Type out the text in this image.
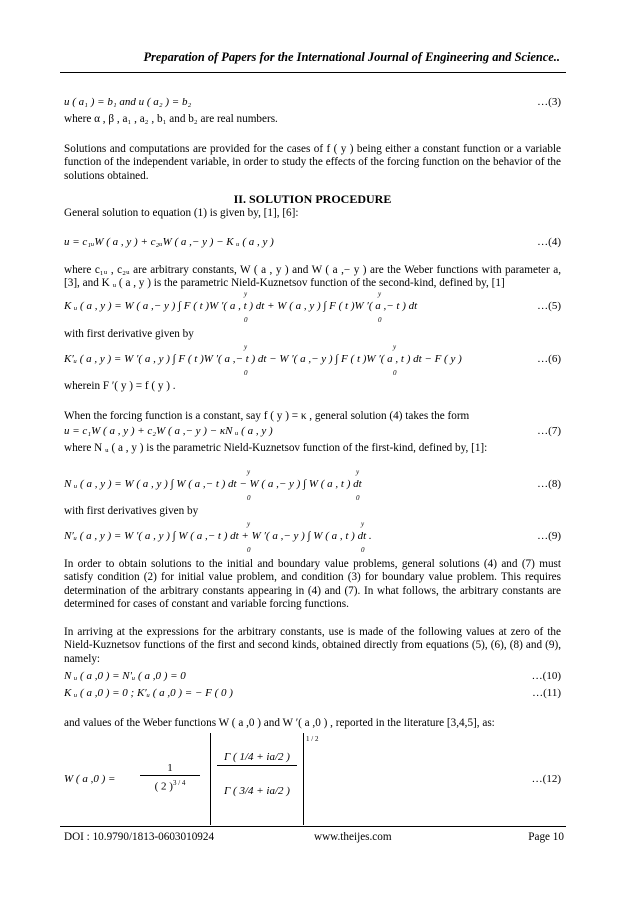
Preparation of Papers for the International Journal of Engineering and Science..
u ( a₁ ) = b₁ and u ( a₂ ) = b₂	…(3)

where α , β , a₁ , a₂ , b₁ and b₂ are real numbers.

Solutions and computations are provided for the cases of f ( y ) being either a constant function or a variable function of the independent variable, in order to study the effects of the forcing function on the behavior of the solutions obtained.

II. SOLUTION PROCEDURE

General solution to equation (1) is given by, [1], [6]:

u = c₁ᵤW ( a , y ) + c₂ᵤW ( a ,− y ) − K ᵤ ( a , y )	…(4)

where c₁ᵤ , c₂ᵤ are arbitrary constants, W ( a , y ) and W ( a ,− y ) are the Weber functions with parameter a, [3], and K ᵤ ( a , y ) is the parametric Nield-Kuznetsov function of the second-kind, defined by, [1]

y
0
y
0
K ᵤ ( a , y ) = W ( a ,− y ) ∫ F ( t )W ′( a , t ) dt + W ( a , y ) ∫ F ( t )W ′( a ,− t ) dt	…(5)

with first derivative given by

y
0
y
0
K′ᵤ ( a , y ) = W ′( a , y ) ∫ F ( t )W ′( a ,− t ) dt − W ′( a ,− y ) ∫ F ( t )W ′( a , t ) dt − F ( y )	…(6)

wherein F ′( y ) = f ( y ) .

When the forcing function is a constant, say f ( y ) = κ , general solution (4) takes the form

u = c₁W ( a , y ) + c₂W ( a ,− y ) − κN ᵤ ( a , y )	…(7)

where N ᵤ ( a , y ) is the parametric Nield-Kuznetsov function of the first-kind, defined by, [1]:

y
0
y
0
N ᵤ ( a , y ) = W ( a , y ) ∫ W ( a ,− t ) dt − W ( a ,− y ) ∫ W ( a , t ) dt	…(8)

with first derivatives given by

y
0
y
0
N′ᵤ ( a , y ) = W ′( a , y ) ∫ W ( a ,− t ) dt + W ′( a ,− y ) ∫ W ( a , t ) dt .	…(9)

In order to obtain solutions to the initial and boundary value problems, general solutions (4) and (7) must satisfy condition (2) for initial value problem, and condition (3) for boundary value problem. This requires determination of the arbitrary constants appearing in (4) and (7). In what follows, the arbitrary constants are determined for cases of constant and variable forcing functions.

In arriving at the expressions for the arbitrary constants, use is made of the following values at zero of the Nield-Kuznetsov functions of the first and second kinds, obtained directly from equations (5), (6), (8) and (9), namely:

N ᵤ ( a ,0 ) = N′ᵤ ( a ,0 ) = 0	…(10)
K ᵤ ( a ,0 ) = 0 ; K′ᵤ ( a ,0 ) = − F ( 0 )	…(11)

and values of the Weber functions W ( a ,0 ) and W ′( a ,0 ) , reported in the literature [3,4,5], as:

W ( a ,0 ) = $\frac{1}{( 2 )^{3 / 4}} \frac{\Gamma ( 1/4 + ia/2 )}{\Gamma ( 3/4 + ia/2 )} 1 / 2$
…(12)
DOI : 10.9790/1813-0603010924	www.theijes.com	Page 10
